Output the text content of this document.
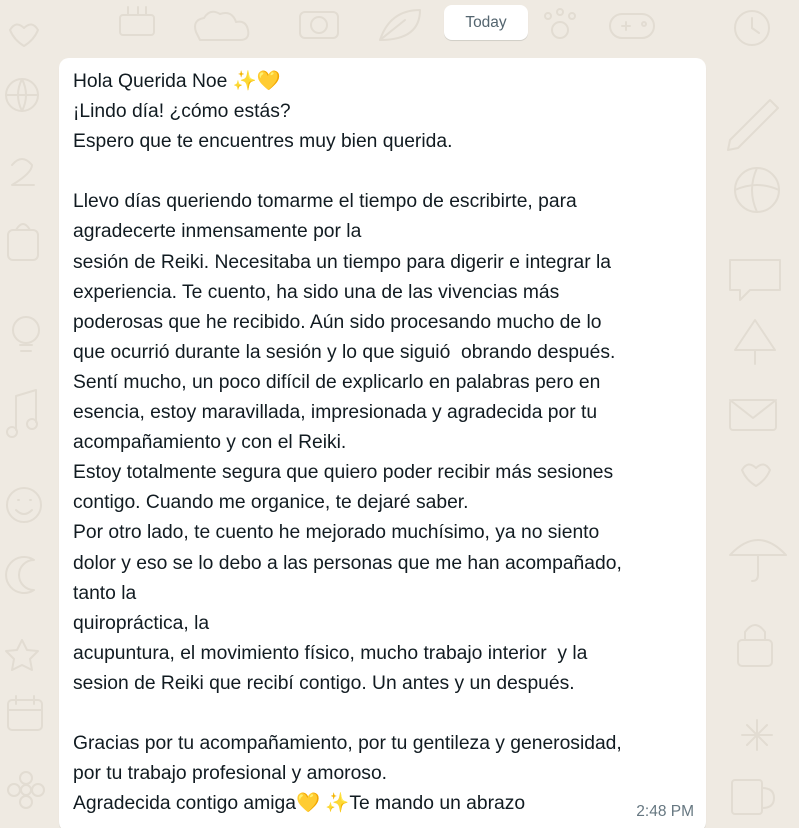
Today

Hola Querida Noe ✨💛
¡Lindo día! ¿cómo estás?
Espero que te encuentres muy bien querida.

Llevo días queriendo tomarme el tiempo de escribirte, para
agradecerte inmensamente por la
sesión de Reiki. Necesitaba un tiempo para digerir e integrar la
experiencia. Te cuento, ha sido una de las vivencias más
poderosas que he recibido. Aún sido procesando mucho de lo
que ocurrió durante la sesión y lo que siguió  obrando después.
Sentí mucho, un poco difícil de explicarlo en palabras pero en
esencia, estoy maravillada, impresionada y agradecida por tu
acompañamiento y con el Reiki.
Estoy totalmente segura que quiero poder recibir más sesiones
contigo. Cuando me organice, te dejaré saber.
Por otro lado, te cuento he mejorado muchísimo, ya no siento
dolor y eso se lo debo a las personas que me han acompañado,
tanto la
quiropráctica, la
acupuntura, el movimiento físico, mucho trabajo interior  y la
sesion de Reiki que recibí contigo. Un antes y un después.

Gracias por tu acompañamiento, por tu gentileza y generosidad,
por tu trabajo profesional y amoroso.
Agradecida contigo amiga💛 ✨Te mando un abrazo	2:48 PM
